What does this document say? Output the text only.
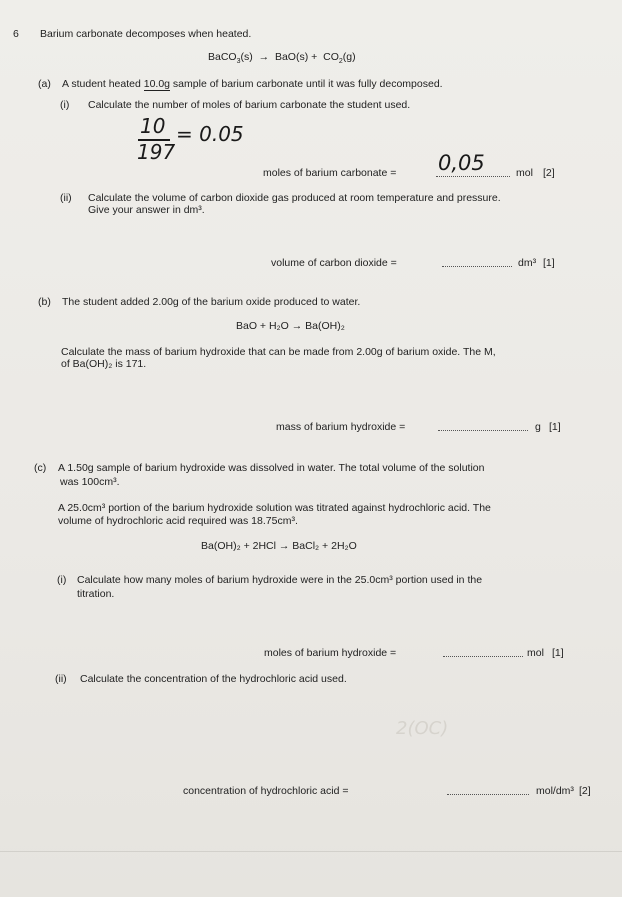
6 Barium carbonate decomposes when heated.
BaCO$_3$(s) → $BaO(s) + CO_2(g)$
(a) A student heated 10.0g sample of barium carbonate until it was fully decomposed.
(i) Calculate the number of moles of barium carbonate the student used.
10
197
= 0.05
moles of barium carbonate = 0,05	mol [2]
(ii) Calculate the volume of carbon dioxide gas produced at room temperature and pressure.
Give your answer in dm³.
volume of carbon dioxide =	dm³ [1]
(b) The student added 2.00g of the barium oxide produced to water.
BaO + H₂O → Ba(OH)₂
Calculate the mass of barium hydroxide that can be made from 2.00g of barium oxide. The M,
of Ba(OH)₂ is 171.
mass of barium hydroxide =	g [1]
(c) A 1.50g sample of barium hydroxide was dissolved in water. The total volume of the solution
was 100cm³.
A 25.0cm³ portion of the barium hydroxide solution was titrated against hydrochloric acid. The
volume of hydrochloric acid required was 18.75cm³.
Ba(OH)₂ + 2HCl → BaCl₂ + 2H₂O
(i) Calculate how many moles of barium hydroxide were in the 25.0cm³ portion used in the
titration.
moles of barium hydroxide =	mol [1]
(ii) Calculate the concentration of the hydrochloric acid used.
2(OC)
concentration of hydrochloric acid =	mol/dm³ [2]
